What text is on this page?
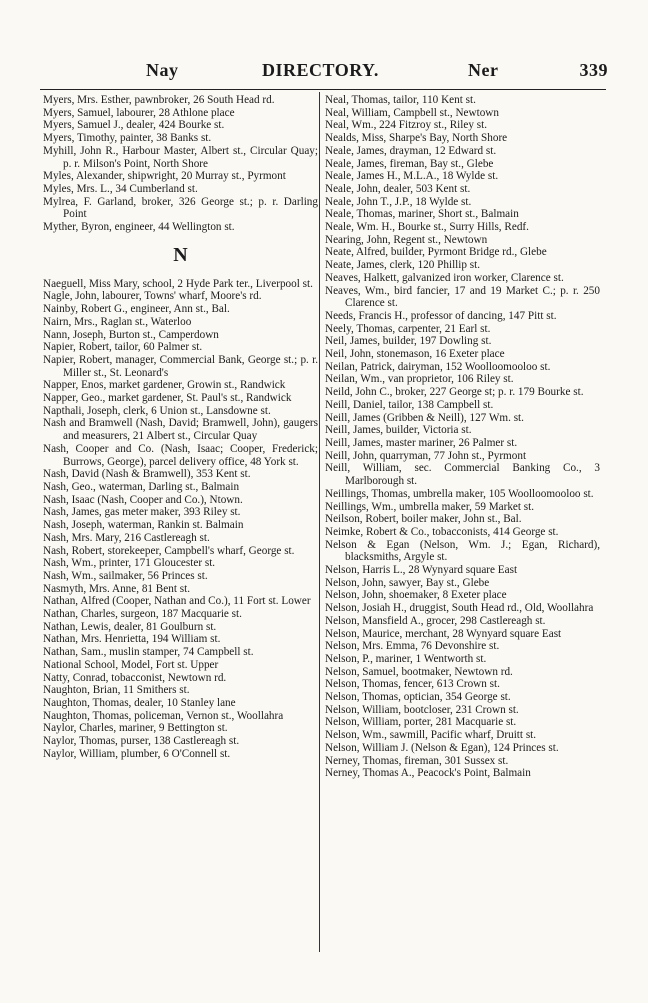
Nay	DIRECTORY.	Ner	339
Myers, Mrs. Esther, pawnbroker, 26 South Head rd.
Myers, Samuel, labourer, 28 Athlone place
Myers, Samuel J., dealer, 424 Bourke st.
Myers, Timothy, painter, 38 Banks st.
Myhill, John R., Harbour Master, Albert st., Circular Quay; p. r. Milson's Point, North Shore
Myles, Alexander, shipwright, 20 Murray st., Pyrmont
Myles, Mrs. L., 34 Cumberland st.
Mylrea, F. Garland, broker, 326 George st.; p. r. Darling Point
Myther, Byron, engineer, 44 Wellington st.
N
Naeguell, Miss Mary, school, 2 Hyde Park ter., Liverpool st.
Nagle, John, labourer, Towns' wharf, Moore's rd.
Nainby, Robert G., engineer, Ann st., Bal.
Nairn, Mrs., Raglan st., Waterloo
Nann, Joseph, Burton st., Camperdown
Napier, Robert, tailor, 60 Palmer st.
Napier, Robert, manager, Commercial Bank, George st.; p. r. Miller st., St. Leonard's
Napper, Enos, market gardener, Growin st., Randwick
Napper, Geo., market gardener, St. Paul's st., Randwick
Napthali, Joseph, clerk, 6 Union st., Lansdowne st.
Nash and Bramwell (Nash, David; Bramwell, John), gaugers and measurers, 21 Albert st., Circular Quay
Nash, Cooper and Co. (Nash, Isaac; Cooper, Frederick; Burrows, George), parcel delivery office, 48 York st.
Nash, David (Nash & Bramwell), 353 Kent st.
Nash, Geo., waterman, Darling st., Balmain
Nash, Isaac (Nash, Cooper and Co.), Ntown.
Nash, James, gas meter maker, 393 Riley st.
Nash, Joseph, waterman, Rankin st. Balmain
Nash, Mrs. Mary, 216 Castlereagh st.
Nash, Robert, storekeeper, Campbell's wharf, George st.
Nash, Wm., printer, 171 Gloucester st.
Nash, Wm., sailmaker, 56 Princes st.
Nasmyth, Mrs. Anne, 81 Bent st.
Nathan, Alfred (Cooper, Nathan and Co.), 11 Fort st. Lower
Nathan, Charles, surgeon, 187 Macquarie st.
Nathan, Lewis, dealer, 81 Goulburn st.
Nathan, Mrs. Henrietta, 194 William st.
Nathan, Sam., muslin stamper, 74 Campbell st.
National School, Model, Fort st. Upper
Natty, Conrad, tobacconist, Newtown rd.
Naughton, Brian, 11 Smithers st.
Naughton, Thomas, dealer, 10 Stanley lane
Naughton, Thomas, policeman, Vernon st., Woollahra
Naylor, Charles, mariner, 9 Bettington st.
Naylor, Thomas, purser, 138 Castlereagh st.
Naylor, William, plumber, 6 O'Connell st.
Neal, Thomas, tailor, 110 Kent st.
Neal, William, Campbell st., Newtown
Neal, Wm., 224 Fitzroy st., Riley st.
Nealds, Miss, Sharpe's Bay, North Shore
Neale, James, drayman, 12 Edward st.
Neale, James, fireman, Bay st., Glebe
Neale, James H., M.L.A., 18 Wylde st.
Neale, John, dealer, 503 Kent st.
Neale, John T., J.P., 18 Wylde st.
Neale, Thomas, mariner, Short st., Balmain
Neale, Wm. H., Bourke st., Surry Hills, Redf.
Nearing, John, Regent st., Newtown
Neate, Alfred, builder, Pyrmont Bridge rd., Glebe
Neate, James, clerk, 120 Phillip st.
Neaves, Halkett, galvanized iron worker, Clarence st.
Neaves, Wm., bird fancier, 17 and 19 Market C.; p. r. 250 Clarence st.
Needs, Francis H., professor of dancing, 147 Pitt st.
Neely, Thomas, carpenter, 21 Earl st.
Neil, James, builder, 197 Dowling st.
Neil, John, stonemason, 16 Exeter place
Neilan, Patrick, dairyman, 152 Woolloomooloo st.
Neilan, Wm., van proprietor, 106 Riley st.
Neild, John C., broker, 227 George st; p. r. 179 Bourke st.
Neill, Daniel, tailor, 138 Campbell st.
Neill, James (Gribben & Neill), 127 Wm. st.
Neill, James, builder, Victoria st.
Neill, James, master mariner, 26 Palmer st.
Neill, John, quarryman, 77 John st., Pyrmont
Neill, William, sec. Commercial Banking Co., 3 Marlborough st.
Neillings, Thomas, umbrella maker, 105 Woolloomooloo st.
Neillings, Wm., umbrella maker, 59 Market st.
Neilson, Robert, boiler maker, John st., Bal.
Neimke, Robert & Co., tobacconists, 414 George st.
Nelson & Egan (Nelson, Wm. J.; Egan, Richard), blacksmiths, Argyle st.
Nelson, Harris L., 28 Wynyard square East
Nelson, John, sawyer, Bay st., Glebe
Nelson, John, shoemaker, 8 Exeter place
Nelson, Josiah H., druggist, South Head rd., Old, Woollahra
Nelson, Mansfield A., grocer, 298 Castlereagh st.
Nelson, Maurice, merchant, 28 Wynyard square East
Nelson, Mrs. Emma, 76 Devonshire st.
Nelson, P., mariner, 1 Wentworth st.
Nelson, Samuel, bootmaker, Newtown rd.
Nelson, Thomas, fencer, 613 Crown st.
Nelson, Thomas, optician, 354 George st.
Nelson, William, bootcloser, 231 Crown st.
Nelson, William, porter, 281 Macquarie st.
Nelson, Wm., sawmill, Pacific wharf, Druitt st.
Nelson, William J. (Nelson & Egan), 124 Princes st.
Nerney, Thomas, fireman, 301 Sussex st.
Nerney, Thomas A., Peacock's Point, Balmain
